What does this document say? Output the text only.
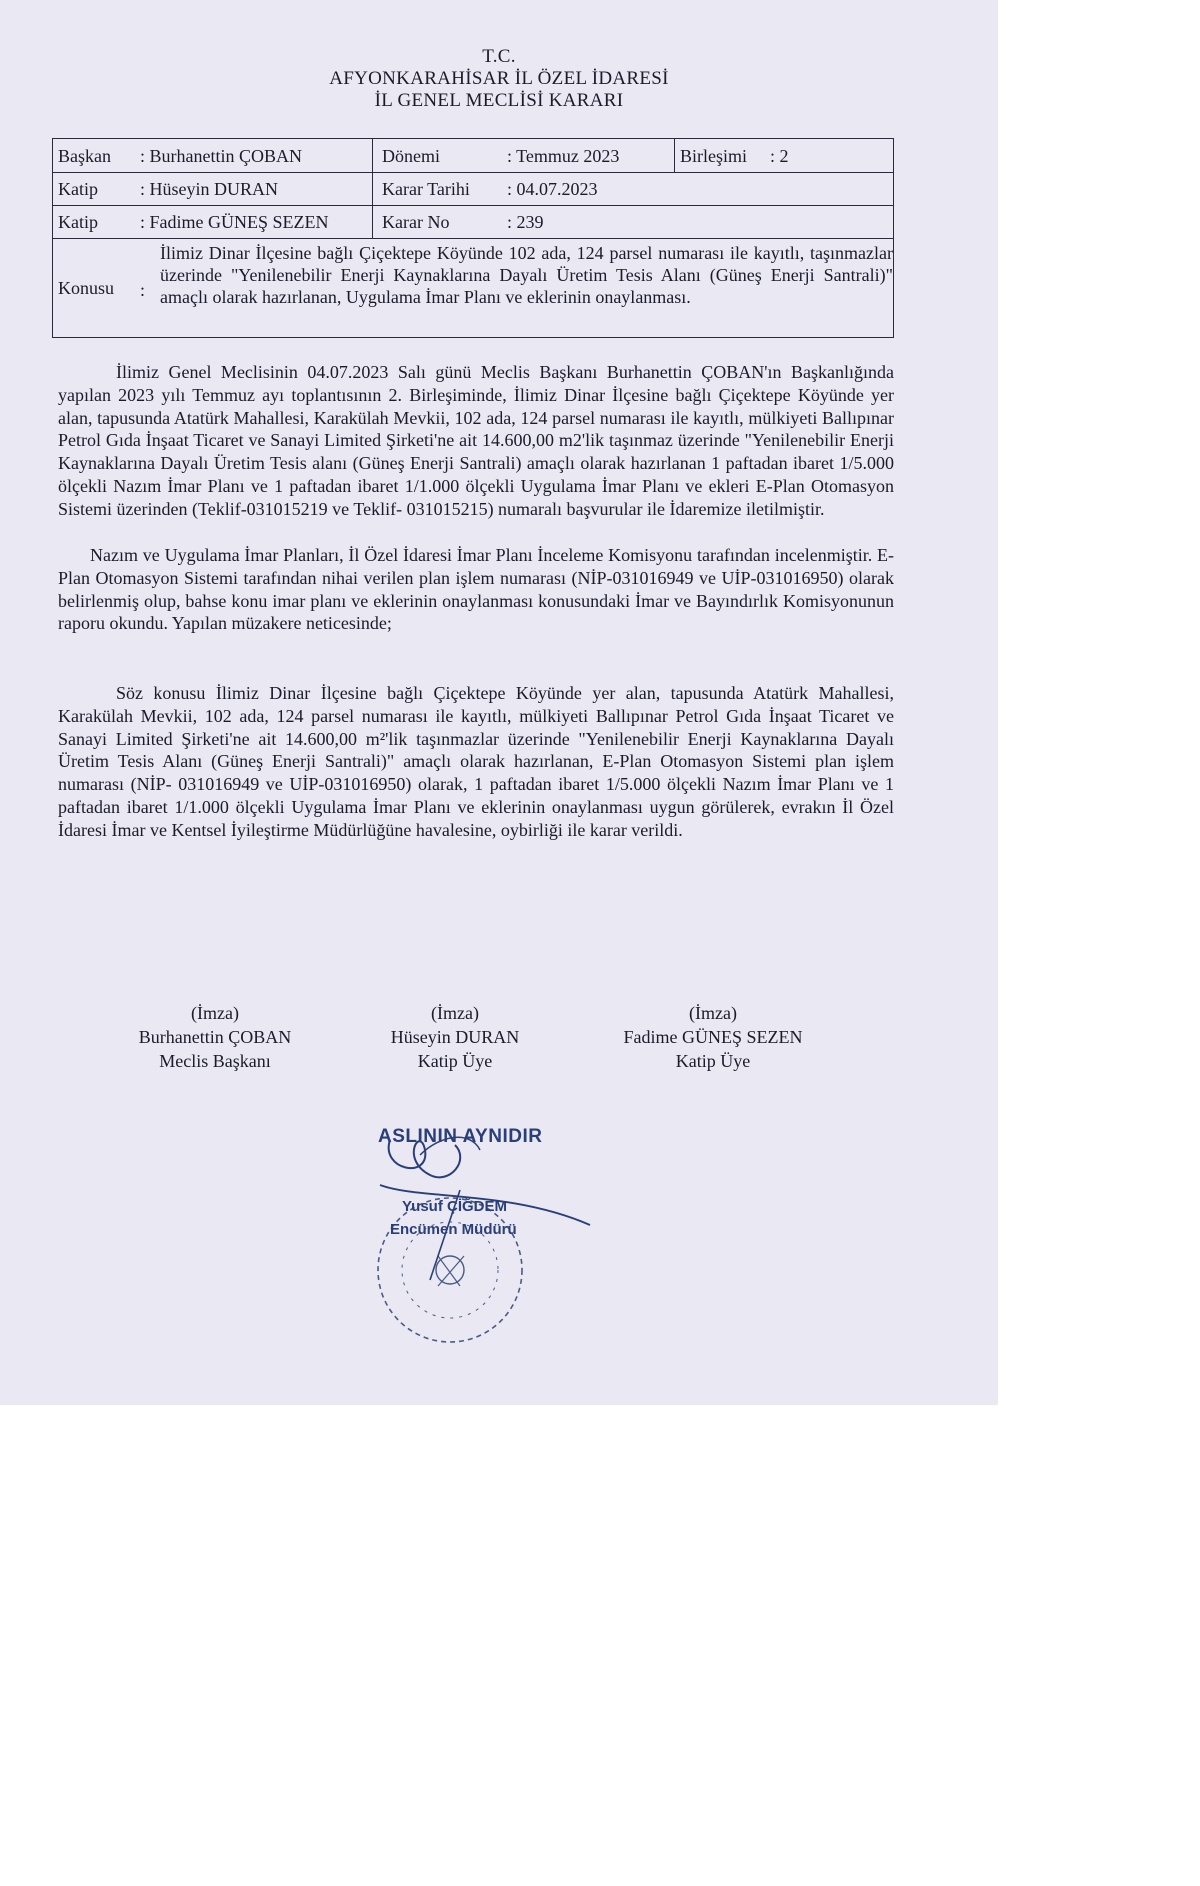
T.C.
AFYONKARAHİSAR İL ÖZEL İDARESİ
İL GENEL MECLİSİ KARARI
Başkan : Burhanettin ÇOBAN	Dönemi	: Temmuz 2023	Birleşimi : 2
Katip : Hüseyin DURAN	Karar Tarihi : 04.07.2023
Katip : Fadime GÜNEŞ SEZEN	Karar No	: 239
Konusu :
İlimiz Dinar İlçesine bağlı Çiçektepe Köyünde 102 ada, 124 parsel numarası ile kayıtlı, taşınmazlar üzerinde "Yenilenebilir Enerji Kaynaklarına Dayalı Üretim Tesis Alanı (Güneş Enerji Santrali)" amaçlı olarak hazırlanan, Uygulama İmar Planı ve eklerinin onaylanması.
İlimiz Genel Meclisinin 04.07.2023 Salı günü Meclis Başkanı Burhanettin ÇOBAN'ın Başkanlığında yapılan 2023 yılı Temmuz ayı toplantısının 2. Birleşiminde, İlimiz Dinar İlçesine bağlı Çiçektepe Köyünde yer alan, tapusunda Atatürk Mahallesi, Karakülah Mevkii, 102 ada, 124 parsel numarası ile kayıtlı, mülkiyeti Ballıpınar Petrol Gıda İnşaat Ticaret ve Sanayi Limited Şirketi'ne ait 14.600,00 m2'lik taşınmaz üzerinde "Yenilenebilir Enerji Kaynaklarına Dayalı Üretim Tesis alanı (Güneş Enerji Santrali) amaçlı olarak hazırlanan 1 paftadan ibaret 1/5.000 ölçekli Nazım İmar Planı ve 1 paftadan ibaret 1/1.000 ölçekli Uygulama İmar Planı ve ekleri E-Plan Otomasyon Sistemi üzerinden (Teklif-031015219 ve Teklif- 031015215) numaralı başvurular ile İdaremize iletilmiştir.
Nazım ve Uygulama İmar Planları, İl Özel İdaresi İmar Planı İnceleme Komisyonu tarafından incelenmiştir. E-Plan Otomasyon Sistemi tarafından nihai verilen plan işlem numarası (NİP-031016949 ve UİP-031016950) olarak belirlenmiş olup, bahse konu imar planı ve eklerinin onaylanması konusundaki İmar ve Bayındırlık Komisyonunun raporu okundu. Yapılan müzakere neticesinde;
Söz konusu İlimiz Dinar İlçesine bağlı Çiçektepe Köyünde yer alan, tapusunda Atatürk Mahallesi, Karakülah Mevkii, 102 ada, 124 parsel numarası ile kayıtlı, mülkiyeti Ballıpınar Petrol Gıda İnşaat Ticaret ve Sanayi Limited Şirketi'ne ait 14.600,00 m²'lik taşınmazlar üzerinde "Yenilenebilir Enerji Kaynaklarına Dayalı Üretim Tesis Alanı (Güneş Enerji Santrali)" amaçlı olarak hazırlanan, E-Plan Otomasyon Sistemi plan işlem numarası (NİP- 031016949 ve UİP-031016950) olarak, 1 paftadan ibaret 1/5.000 ölçekli Nazım İmar Planı ve 1 paftadan ibaret 1/1.000 ölçekli Uygulama İmar Planı ve eklerinin onaylanması uygun görülerek, evrakın İl Özel İdaresi İmar ve Kentsel İyileştirme Müdürlüğüne havalesine, oybirliği ile karar verildi.
(İmza)
Burhanettin ÇOBAN
Meclis Başkanı
(İmza)
Hüseyin DURAN
Katip Üye
(İmza)
Fadime GÜNEŞ SEZEN
Katip Üye
ASLININ AYNIDIR
Yusuf ÇİĞDEM
Encümen Müdürü
